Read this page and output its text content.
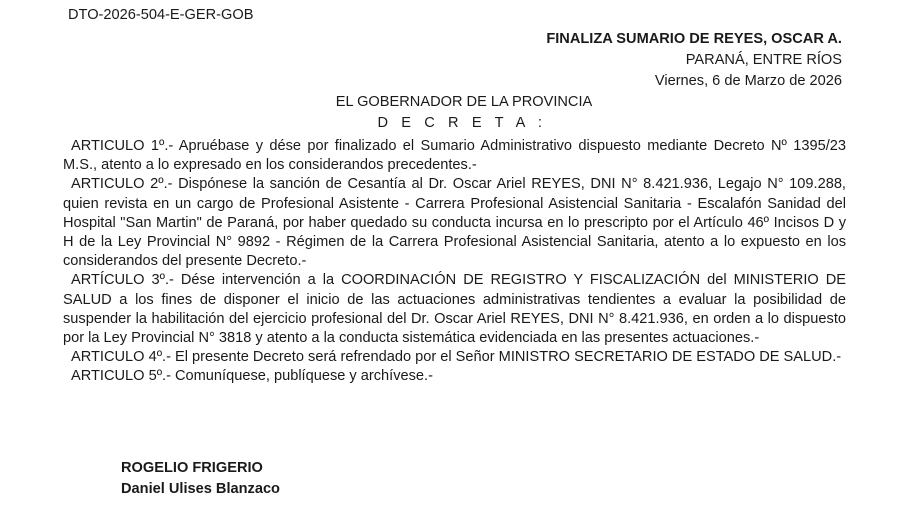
DTO-2026-504-E-GER-GOB
FINALIZA SUMARIO DE REYES, OSCAR A.
PARANÁ, ENTRE RÍOS
Viernes, 6 de Marzo de 2026
EL GOBERNADOR DE LA PROVINCIA
D E C R E T A :

ARTICULO 1º.- Apruébase y dése por finalizado el Sumario Administrativo dispuesto mediante Decreto Nº 1395/23 M.S., atento a lo expresado en los considerandos precedentes.-

ARTICULO 2º.- Dispónese la sanción de Cesantía al Dr. Oscar Ariel REYES, DNI N° 8.421.936, Legajo N° 109.288, quien revista en un cargo de Profesional Asistente - Carrera Profesional Asistencial Sanitaria - Escalafón Sanidad del Hospital "San Martin" de Paraná, por haber quedado su conducta incursa en lo prescripto por el Artículo 46º Incisos D y H de la Ley Provincial N° 9892 - Régimen de la Carrera Profesional Asistencial Sanitaria, atento a lo expuesto en los considerandos del presente Decreto.-

ARTÍCULO 3º.- Dése intervención a la COORDINACIÓN DE REGISTRO Y FISCALIZACIÓN del MINISTERIO DE SALUD a los fines de disponer el inicio de las actuaciones administrativas tendientes a evaluar la posibilidad de suspender la habilitación del ejercicio profesional del Dr. Oscar Ariel REYES, DNI N° 8.421.936, en orden a lo dispuesto por la Ley Provincial N° 3818 y atento a la conducta sistemática evidenciada en las presentes actuaciones.-

ARTICULO 4º.- El presente Decreto será refrendado por el Señor MINISTRO SECRETARIO DE ESTADO DE SALUD.-

ARTICULO 5º.- Comuníquese, publíquese y archívese.-

ROGELIO FRIGERIO
Daniel Ulises Blanzaco
